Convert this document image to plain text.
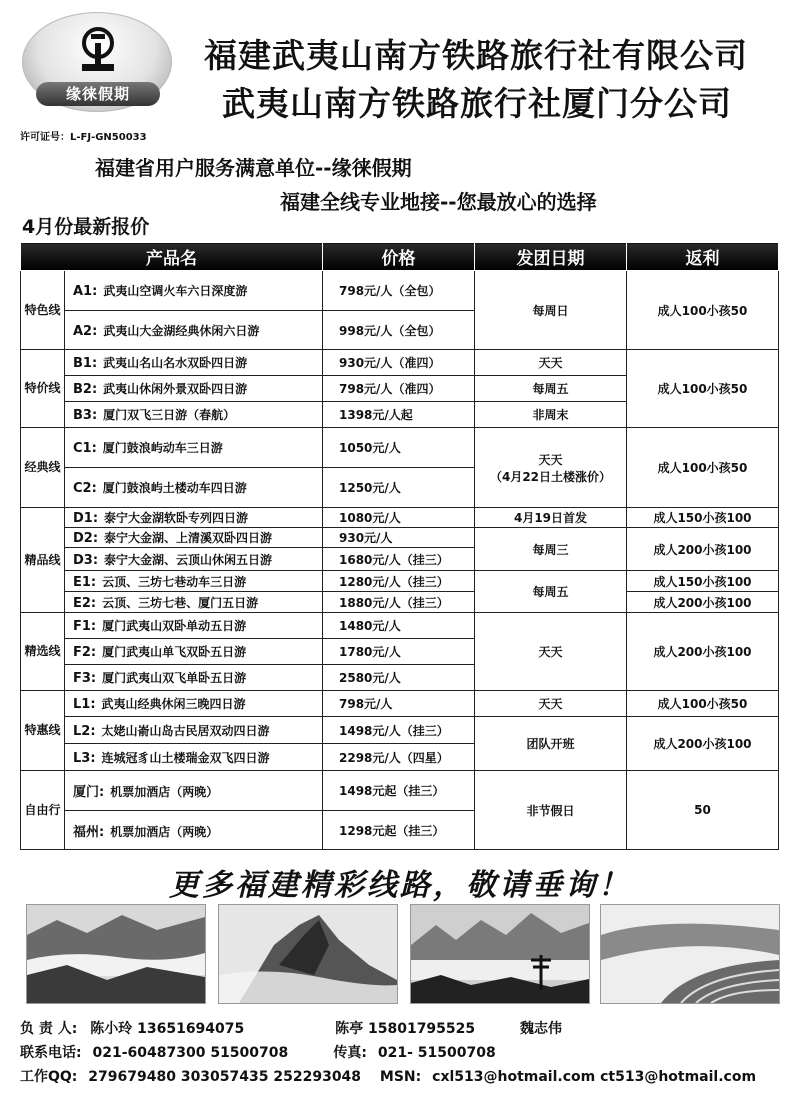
缘徕假期
福建武夷山南方铁路旅行社有限公司
武夷山南方铁路旅行社厦门分公司
许可证号：L-FJ-GN50033
福建省用户服务满意单位--缘徕假期
福建全线专业地接--您最放心的选择
4月份最新报价
产品名		价格	发团日期	返利
特色线	A1: 武夷山空调火车六日深度游	798元/人（全包）	每周日	成人100小孩50
	A2: 武夷山大金湖经典休闲六日游	998元/人（全包）		
特价线	B1: 武夷山名山名水双卧四日游	930元/人（准四）	天天	成人100小孩50
	B2: 武夷山休闲外景双卧四日游	798元/人（准四）	每周五	
	B3: 厦门双飞三日游（春航）	1398元/人起	非周末	
经典线	C1: 厦门鼓浪屿动车三日游	1050元/人	天天
（4月22日土楼涨价）	成人100小孩50
	C2: 厦门鼓浪屿土楼动车四日游	1250元/人		
精品线	D1: 泰宁大金湖软卧专列四日游	1080元/人	4月19日首发	成人150小孩100
	D2: 泰宁大金湖、上清溪双卧四日游	930元/人	每周三	成人200小孩100
	D3: 泰宁大金湖、云顶山休闲五日游	1680元/人（挂三）		
	E1: 云顶、三坊七巷动车三日游	1280元/人（挂三）	每周五	成人150小孩100
	E2: 云顶、三坊七巷、厦门五日游	1880元/人（挂三）		成人200小孩100
精选线	F1: 厦门武夷山双卧单动五日游	1480元/人	天天	成人200小孩100
	F2: 厦门武夷山单飞双卧五日游	1780元/人		
	F3: 厦门武夷山双飞单卧五日游	2580元/人		
特惠线	L1: 武夷山经典休闲三晚四日游	798元/人	天天	成人100小孩50
	L2: 太姥山嵛山岛古民居双动四日游	1498元/人（挂三）	团队开班	成人200小孩100
	L3: 连城冠豸山土楼瑞金双飞四日游	2298元/人（四星）		
自由行	厦门: 机票加酒店（两晚）	1498元起（挂三）	非节假日	50
	福州: 机票加酒店（两晚）	1298元起（挂三）		
更多福建精彩线路，敬请垂询！
负 责 人: 陈小玲 13651694075	陈亭 15801795525	魏志伟
联系电话: 021-60487300 51500708	传真: 021- 51500708
工作QQ: 279679480 303057435 252293048 MSN: cxl513@hotmail.com ct513@hotmail.com
